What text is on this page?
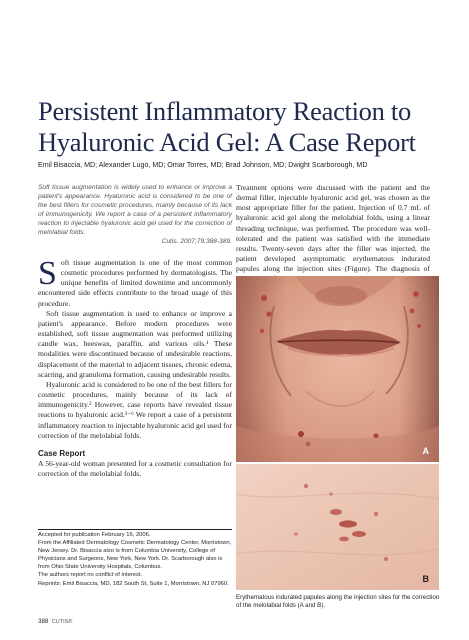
Persistent Inflammatory Reaction to Hyaluronic Acid Gel: A Case Report
Emil Bisaccia, MD; Alexander Lugo, MD; Omar Torres, MD; Brad Johnson, MD; Dwight Scarborough, MD

Soft tissue augmentation is widely used to enhance or improve a patient's appearance. Hyaluronic acid is considered to be one of the best fillers for cosmetic procedures, mainly because of its lack of immunogenicity. We report a case of a persistent inflammatory reaction to injectable hyaluronic acid gel used for the correction of melolabial folds.

Cutis. 2007;79:388-389.

Soft tissue augmentation is one of the most common cosmetic procedures performed by dermatologists. The unique benefits of limited downtime and uncommonly encountered side effects contribute to the broad usage of this procedure.

Soft tissue augmentation is used to enhance or improve a patient's appearance. Before modern procedures were established, soft tissue augmentation was performed utilizing candle wax, beeswax, paraffin, and various oils.¹ These modalities were discontinued because of undesirable reactions, displacement of the material to adjacent tissues, chronic edema, scarring, and granuloma formation, causing undesirable results.

Hyaluronic acid is considered to be one of the best fillers for cosmetic procedures, mainly because of its lack of immunogenicity.² However, case reports have revealed tissue reactions to hyaluronic acid.³⁻⁶ We report a case of a persistent inflammatory reaction to injectable hyaluronic acid gel used for correction of the melolabial folds.

Case Report

A 56-year-old woman presented for a cosmetic consultation for correction of the melolabial folds.

Treatment options were discussed with the patient and the dermal filler, injectable hyaluronic acid gel, was chosen as the most appropriate filler for the patient. Injection of 0.7 mL of hyaluronic acid gel along the melolabial folds, using a linear threading technique, was performed. The procedure was well-tolerated and the patient was satisfied with the immediate results. Twenty-seven days after the filler was injected, the patient developed asymptomatic erythematous indurated papules along the injection sites (Figure). The diagnosis of

A
B

Erythematous indurated papules along the injection sites for the correction of the melolabial folds (A and B).

Accepted for publication February 16, 2006.
From the Affiliated Dermatology Cosmetic Dermatology Center, Morristown, New Jersey. Dr. Bisaccia also is from Columbia University, College of Physicians and Surgeons, New York, New York. Dr. Scarborough also is from Ohio State University Hospitals, Columbus.
The authors report no conflict of interest.
Reprints: Emil Bisaccia, MD, 182 South St, Suite 1, Morristown, NJ 07960.

388 CUTIS®
